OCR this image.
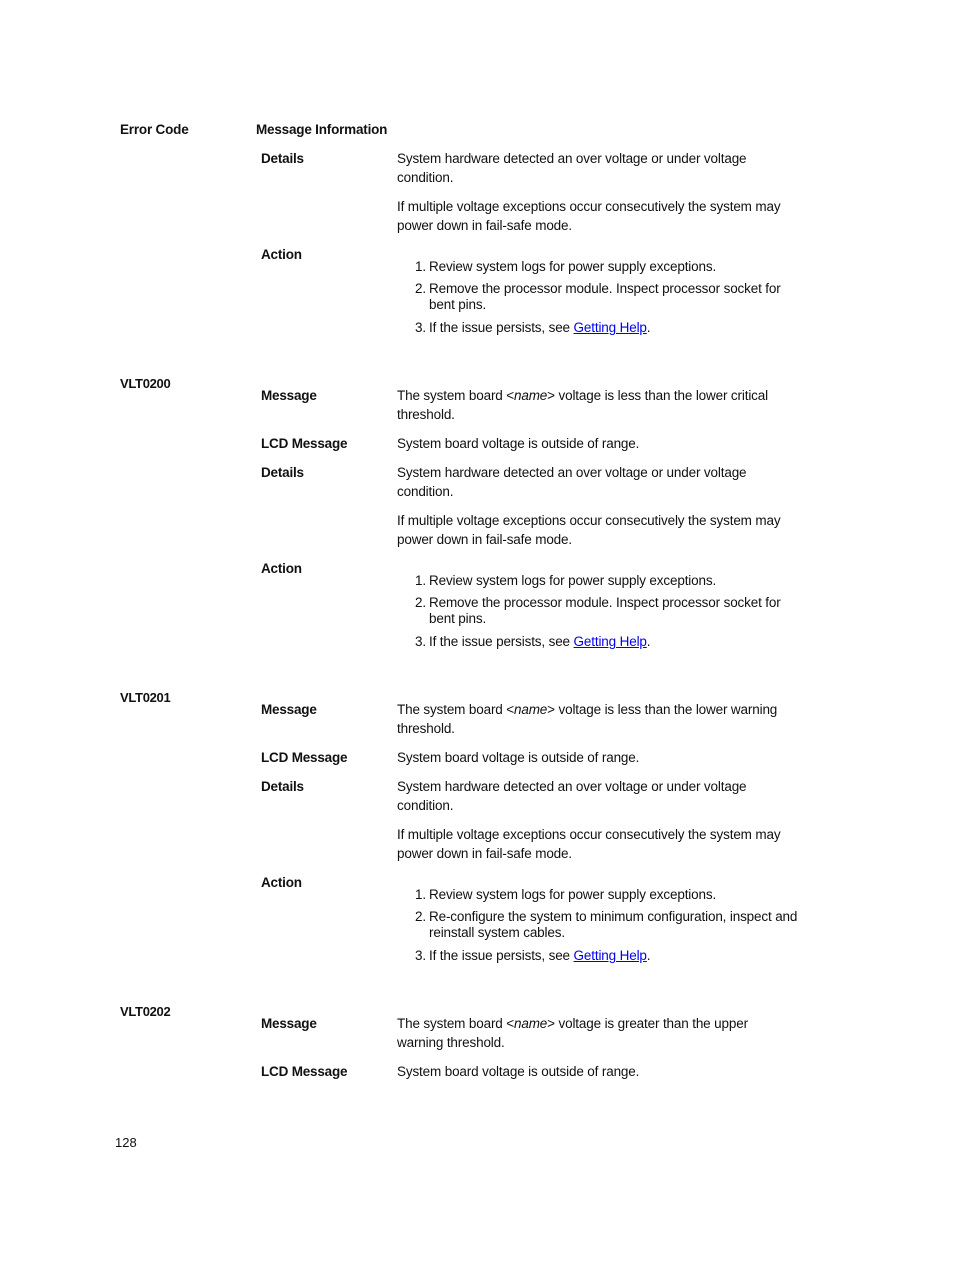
Error Code	Message Information
Details	System hardware detected an over voltage or under voltage condition.
If multiple voltage exceptions occur consecutively the system may power down in fail-safe mode.
Action
1. Review system logs for power supply exceptions.
2. Remove the processor module. Inspect processor socket for bent pins.
3. If the issue persists, see Getting Help.
VLT0200
Message	The system board <name> voltage is less than the lower critical threshold.
LCD Message	System board voltage is outside of range.
Details	System hardware detected an over voltage or under voltage condition.
If multiple voltage exceptions occur consecutively the system may power down in fail-safe mode.
Action
1. Review system logs for power supply exceptions.
2. Remove the processor module. Inspect processor socket for bent pins.
3. If the issue persists, see Getting Help.
VLT0201
Message	The system board <name> voltage is less than the lower warning threshold.
LCD Message	System board voltage is outside of range.
Details	System hardware detected an over voltage or under voltage condition.
If multiple voltage exceptions occur consecutively the system may power down in fail-safe mode.
Action
1. Review system logs for power supply exceptions.
2. Re-configure the system to minimum configuration, inspect and reinstall system cables.
3. If the issue persists, see Getting Help.
VLT0202
Message	The system board <name> voltage is greater than the upper warning threshold.
LCD Message	System board voltage is outside of range.
128
